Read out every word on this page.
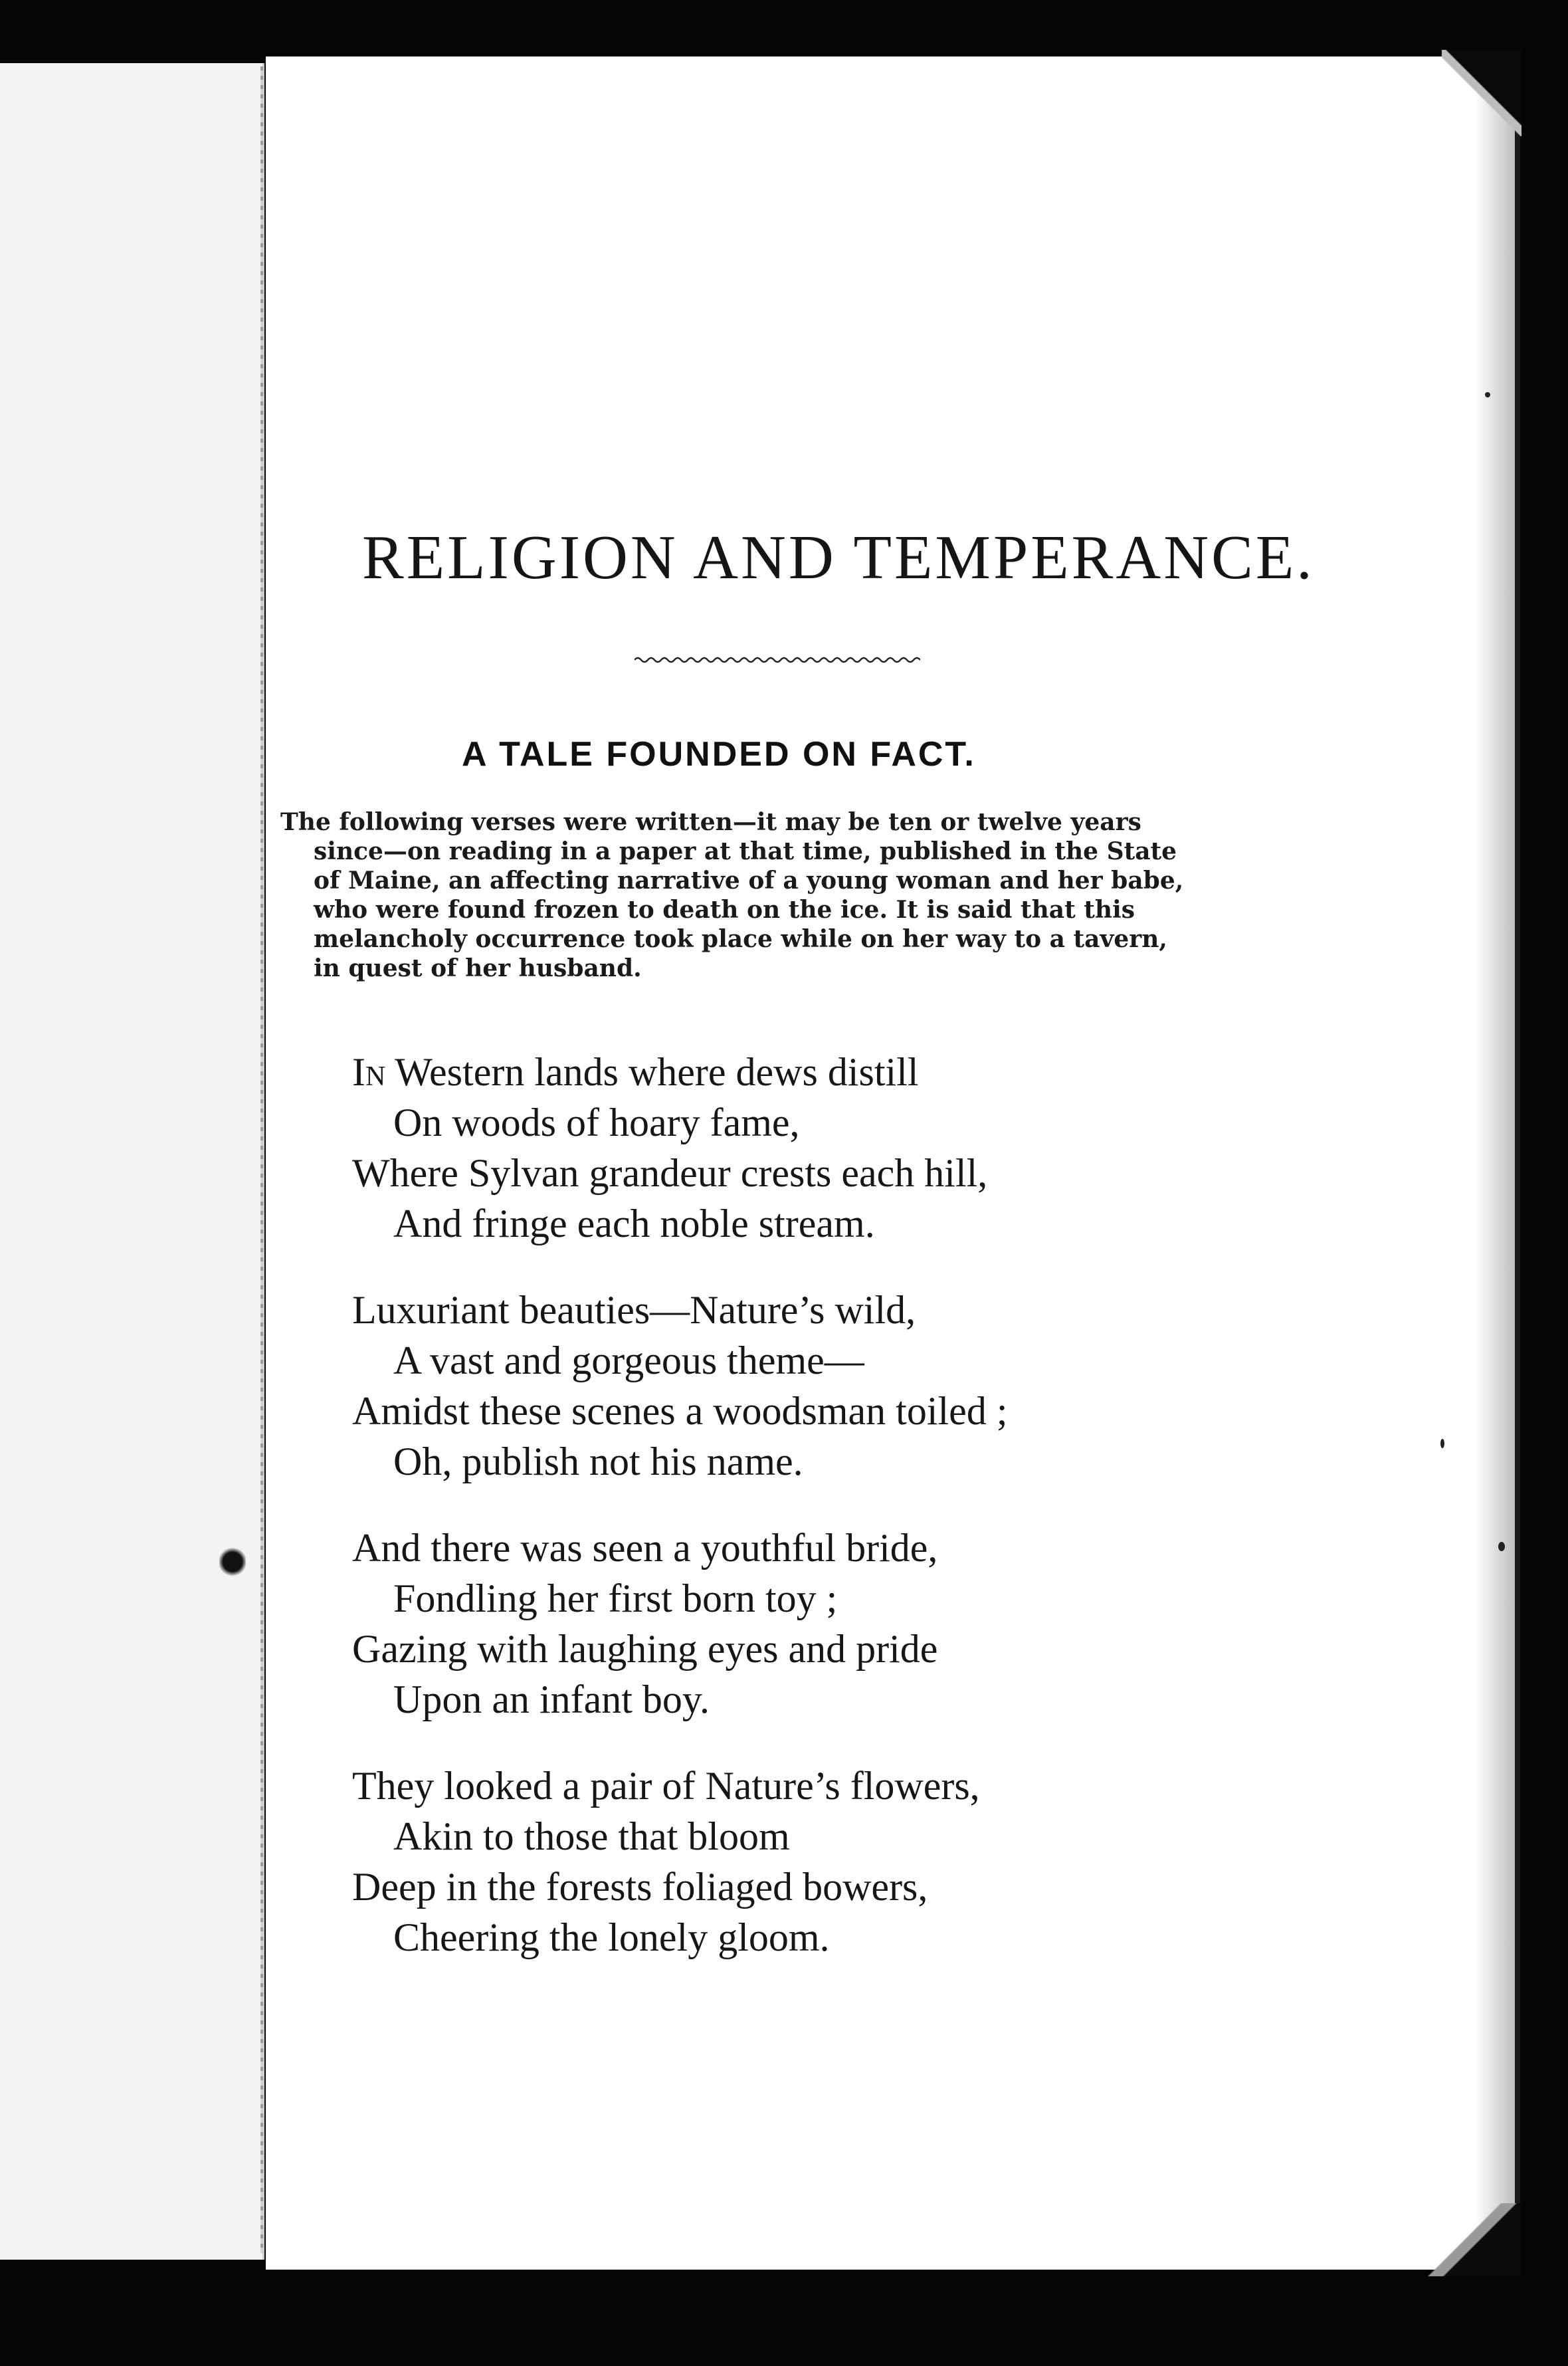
RELIGION AND TEMPERANCE.
A TALE FOUNDED ON FACT.
The following verses were written—it may be ten or twelve years
since—on reading in a paper at that time, published in the State
of Maine, an affecting narrative of a young woman and her babe,
who were found frozen to death on the ice. It is said that this
melancholy occurrence took place while on her way to a tavern,
in quest of her husband.
In Western lands where dews distill
On woods of hoary fame,
Where Sylvan grandeur crests each hill,
And fringe each noble stream.
Luxuriant beauties—Nature’s wild,
A vast and gorgeous theme—
Amidst these scenes a woodsman toiled ;
Oh, publish not his name.
And there was seen a youthful bride,
Fondling her first born toy ;
Gazing with laughing eyes and pride
Upon an infant boy.
They looked a pair of Nature’s flowers,
Akin to those that bloom
Deep in the forests foliaged bowers,
Cheering the lonely gloom.
